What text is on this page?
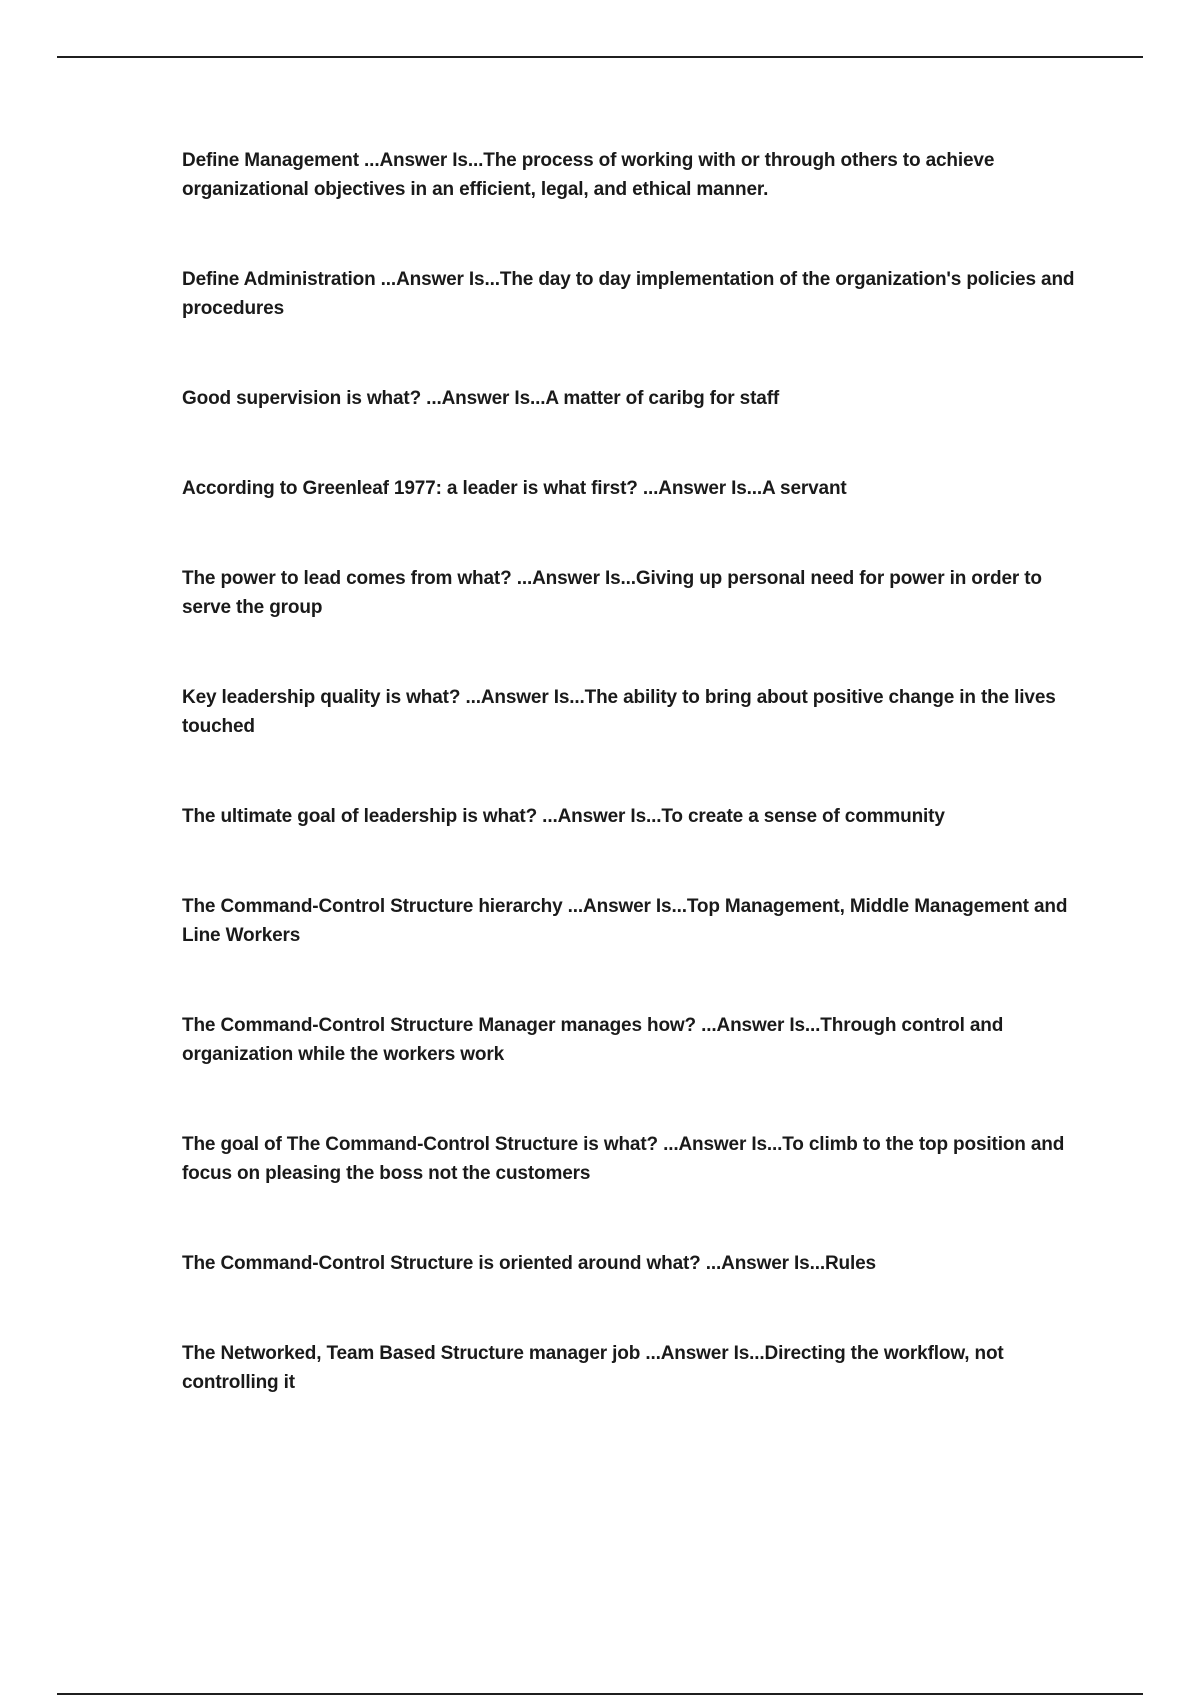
Define Management ...Answer Is...The process of working with or through others to achieve organizational objectives in an efficient, legal, and ethical manner.

Define Administration ...Answer Is...The day to day implementation of the organization's policies and procedures

Good supervision is what? ...Answer Is...A matter of caribg for staff

According to Greenleaf 1977: a leader is what first? ...Answer Is...A servant

The power to lead comes from what? ...Answer Is...Giving up personal need for power in order to serve the group

Key leadership quality is what? ...Answer Is...The ability to bring about positive change in the lives touched

The ultimate goal of leadership is what? ...Answer Is...To create a sense of community

The Command-Control Structure hierarchy ...Answer Is...Top Management, Middle Management and Line Workers

The Command-Control Structure Manager manages how? ...Answer Is...Through control and organization while the workers work

The goal of The Command-Control Structure is what? ...Answer Is...To climb to the top position and focus on pleasing the boss not the customers

The Command-Control Structure is oriented around what? ...Answer Is...Rules

The Networked, Team Based Structure manager job ...Answer Is...Directing the workflow, not controlling it
